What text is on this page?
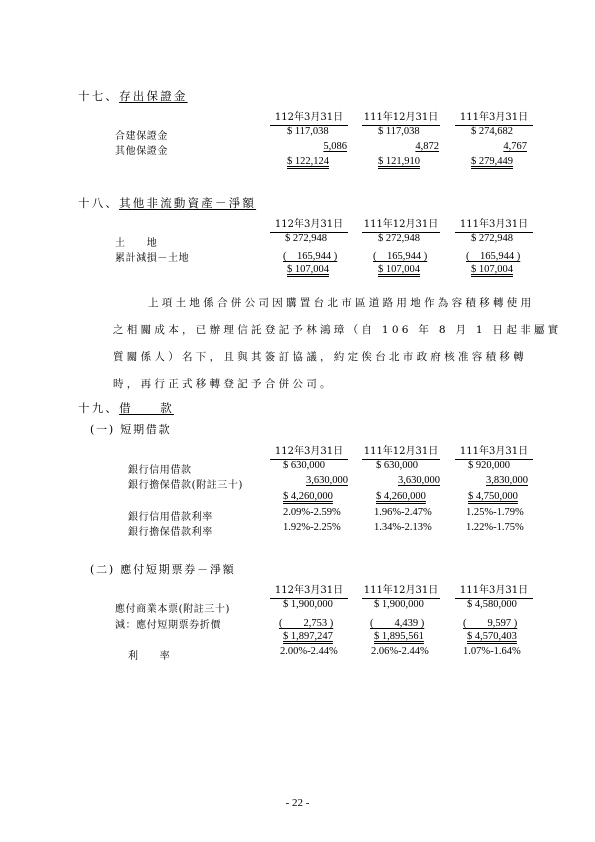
十七、存出保證金
112年3月31日	111年12月31日	111年3月31日
合建保證金	$ 117,038	$ 117,038	$ 274,682
其他保證金	5,086	4,872	4,767
$ 122,124	$ 121,910	$ 279,449
十八、其他非流動資產－淨額
112年3月31日	111年12月31日	111年3月31日
土　　地	$ 272,948	$ 272,948	$ 272,948
累計減損－土地	(　165,944 )	(　165,944 )	(　165,944 )
$ 107,004	$ 107,004	$ 107,004
上項土地係合併公司因購置台北市區道路用地作為容積移轉使用
之相關成本，已辦理信託登記予林鴻璋（自 106 年 8 月 1 日起非屬實
質關係人）名下，且與其簽訂協議，約定俟台北市政府核准容積移轉
時，再行正式移轉登記予合併公司。
十九、借　　款
(一) 短期借款
112年3月31日	111年12月31日	111年3月31日
銀行信用借款	$ 630,000	$ 630,000	$ 920,000
銀行擔保借款(附註三十)	3,630,000	3,630,000	3,830,000
$ 4,260,000	$ 4,260,000	$ 4,750,000
銀行信用借款利率	2.09%-2.59%	1.96%-2.47%	1.25%-1.79%
銀行擔保借款利率	1.92%-2.25%	1.34%-2.13%	1.22%-1.75%
(二) 應付短期票券－淨額
112年3月31日	111年12月31日	111年3月31日
應付商業本票(附註三十)	$ 1,900,000	$ 1,900,000	$ 4,580,000
減：應付短期票券折價	(　　2,753 )	(　　4,439 )	(　　9,597 )
$ 1,897,247	$ 1,895,561	$ 4,570,403
利　　率	2.00%-2.44%	2.06%-2.44%	1.07%-1.64%
- 22 -
